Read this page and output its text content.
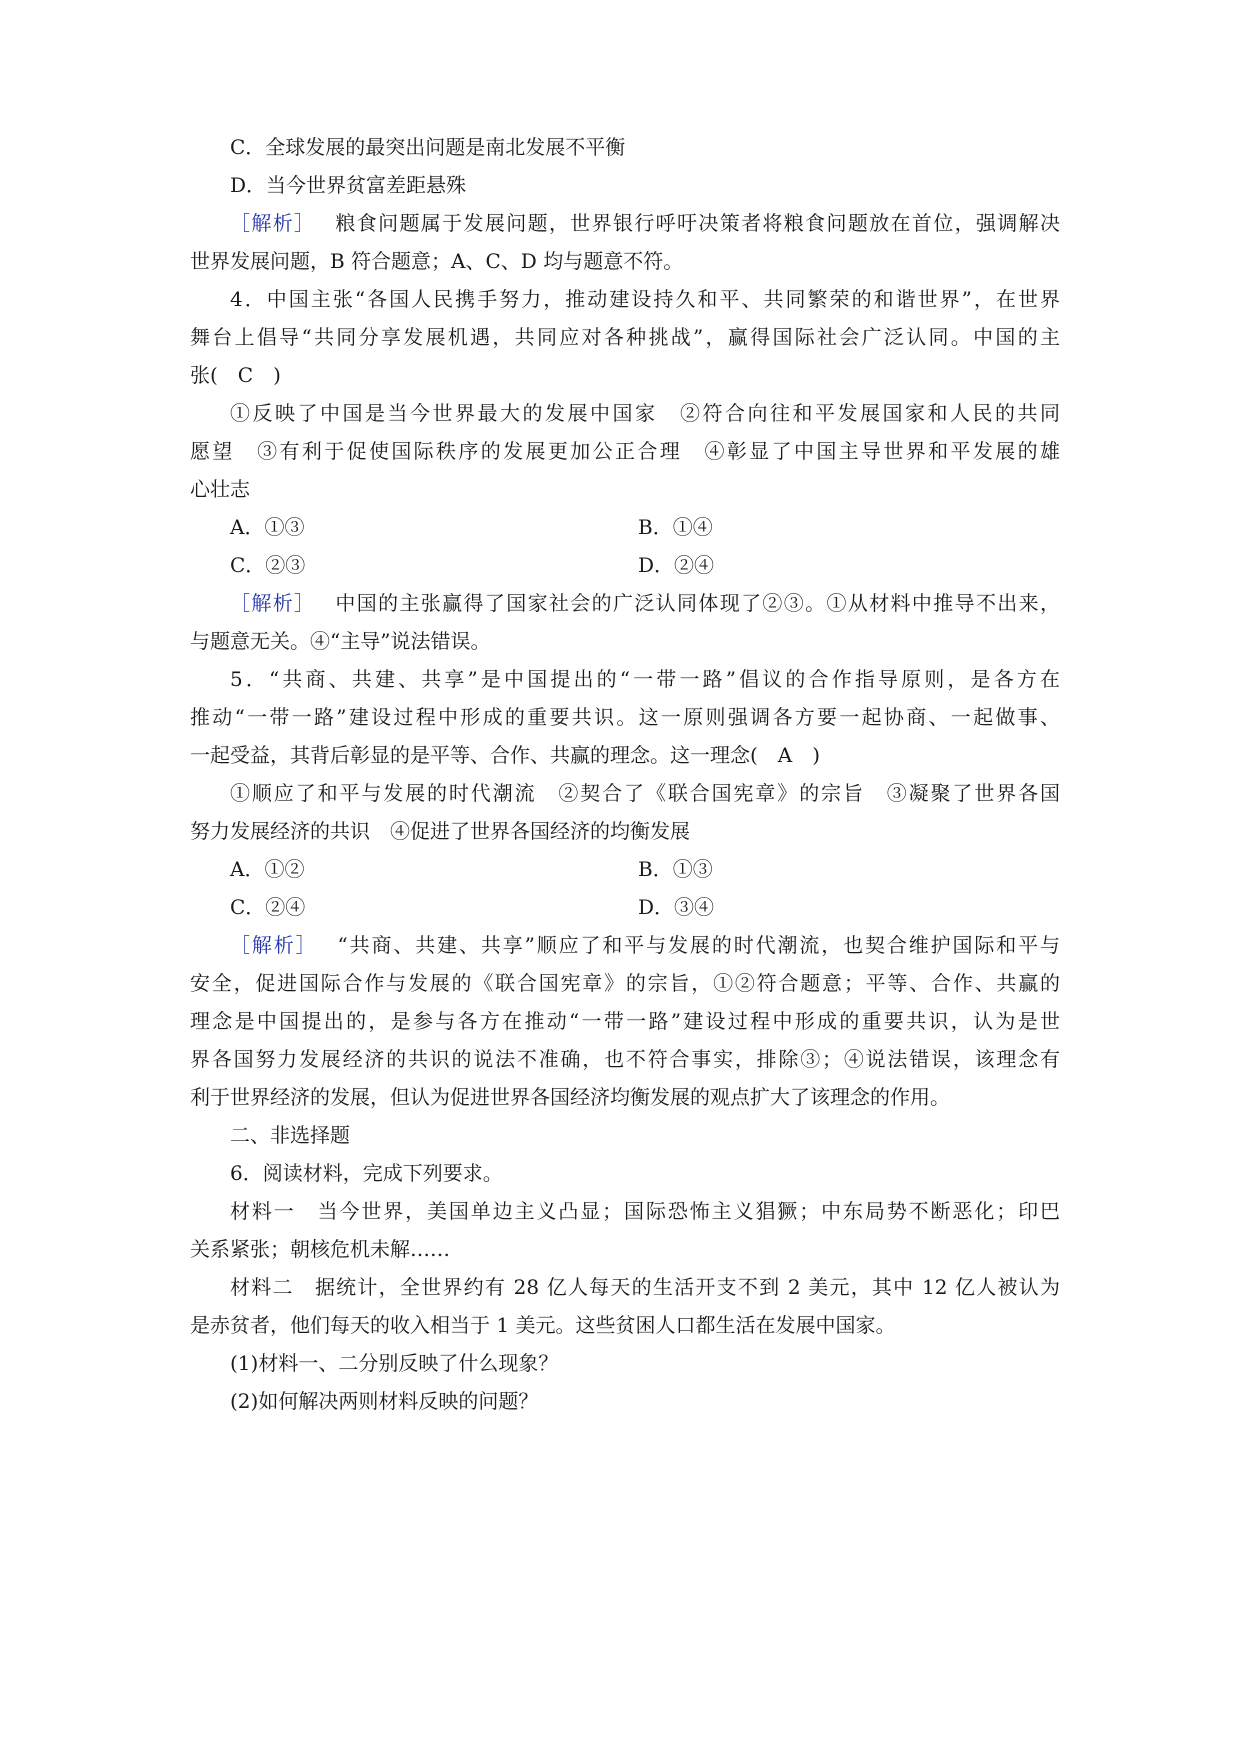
C．全球发展的最突出问题是南北发展不平衡
D．当今世界贫富差距悬殊
［解析］ 粮食问题属于发展问题，世界银行呼吁决策者将粮食问题放在首位，强调解决
世界发展问题，B 符合题意；A、C、D 均与题意不符。
4．中国主张“各国人民携手努力，推动建设持久和平、共同繁荣的和谐世界”，在世界
舞台上倡导“共同分享发展机遇，共同应对各种挑战”，赢得国际社会广泛认同。中国的主
张(　C　)
①反映了中国是当今世界最大的发展中国家　②符合向往和平发展国家和人民的共同
愿望　③有利于促使国际秩序的发展更加公正合理　④彰显了中国主导世界和平发展的雄
心壮志
A．①③	B．①④
C．②③	D．②④
［解析］ 中国的主张赢得了国家社会的广泛认同体现了②③。①从材料中推导不出来，
与题意无关。④“主导”说法错误。
5．“共商、共建、共享”是中国提出的“一带一路”倡议的合作指导原则，是各方在
推动“一带一路”建设过程中形成的重要共识。这一原则强调各方要一起协商、一起做事、
一起受益，其背后彰显的是平等、合作、共赢的理念。这一理念(　A　)
①顺应了和平与发展的时代潮流　②契合了《联合国宪章》的宗旨　③凝聚了世界各国
努力发展经济的共识　④促进了世界各国经济的均衡发展
A．①②	B．①③
C．②④	D．③④
［解析］ “共商、共建、共享”顺应了和平与发展的时代潮流，也契合维护国际和平与
安全，促进国际合作与发展的《联合国宪章》的宗旨，①②符合题意；平等、合作、共赢的
理念是中国提出的，是参与各方在推动“一带一路”建设过程中形成的重要共识，认为是世
界各国努力发展经济的共识的说法不准确，也不符合事实，排除③；④说法错误，该理念有
利于世界经济的发展，但认为促进世界各国经济均衡发展的观点扩大了该理念的作用。
二、非选择题
6．阅读材料，完成下列要求。
材料一　当今世界，美国单边主义凸显；国际恐怖主义猖獗；中东局势不断恶化；印巴
关系紧张；朝核危机未解……
材料二　据统计，全世界约有 28 亿人每天的生活开支不到 2 美元，其中 12 亿人被认为
是赤贫者，他们每天的收入相当于 1 美元。这些贫困人口都生活在发展中国家。
(1)材料一、二分别反映了什么现象？
(2)如何解决两则材料反映的问题？
